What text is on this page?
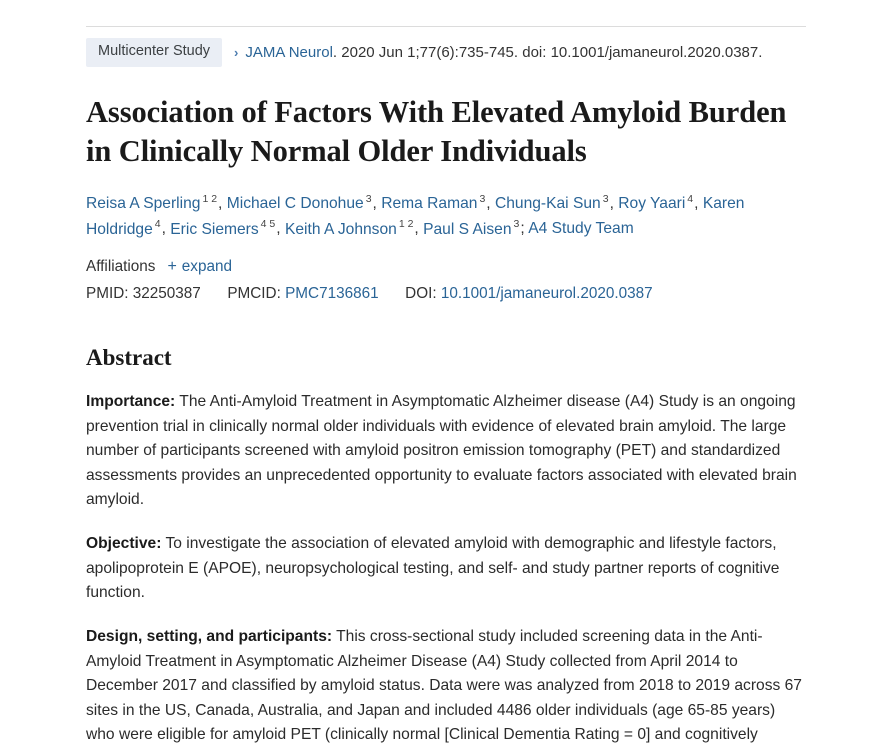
Multicenter Study	› JAMA Neurol . 2020 Jun 1;77(6):735-745. doi: 10.1001/jamaneurol.2020.0387.
Association of Factors With Elevated Amyloid Burden in Clinically Normal Older Individuals
Reisa A Sperling $^{1 2}$, Michael C Donohue $^3$, Rema Raman $^3$, Chung-Kai Sun $^3$, Roy Yaari $^4$, Karen Holdridge $^4$, Eric Siemers $^{4 5}$, Keith A Johnson $^{1 2}$, Paul S Aisen $^3$; A4 Study Team
Affiliations + expand
PMID: 32250387 PMCID: PMC7136861 DOI: 10.1001/jamaneurol.2020.0387
Abstract

Importance: The Anti-Amyloid Treatment in Asymptomatic Alzheimer disease (A4) Study is an ongoing prevention trial in clinically normal older individuals with evidence of elevated brain amyloid. The large number of participants screened with amyloid positron emission tomography (PET) and standardized assessments provides an unprecedented opportunity to evaluate factors associated with elevated brain amyloid.

Objective: To investigate the association of elevated amyloid with demographic and lifestyle factors, apolipoprotein E (APOE), neuropsychological testing, and self- and study partner reports of cognitive function.

Design, setting, and participants: This cross-sectional study included screening data in the Anti-Amyloid Treatment in Asymptomatic Alzheimer Disease (A4) Study collected from April 2014 to December 2017 and classified by amyloid status. Data were was analyzed from 2018 to 2019 across 67 sites in the US, Canada, Australia, and Japan and included 4486 older individuals (age 65-85 years) who were eligible for amyloid PET (clinically normal [Clinical Dementia Rating = 0] and cognitively
